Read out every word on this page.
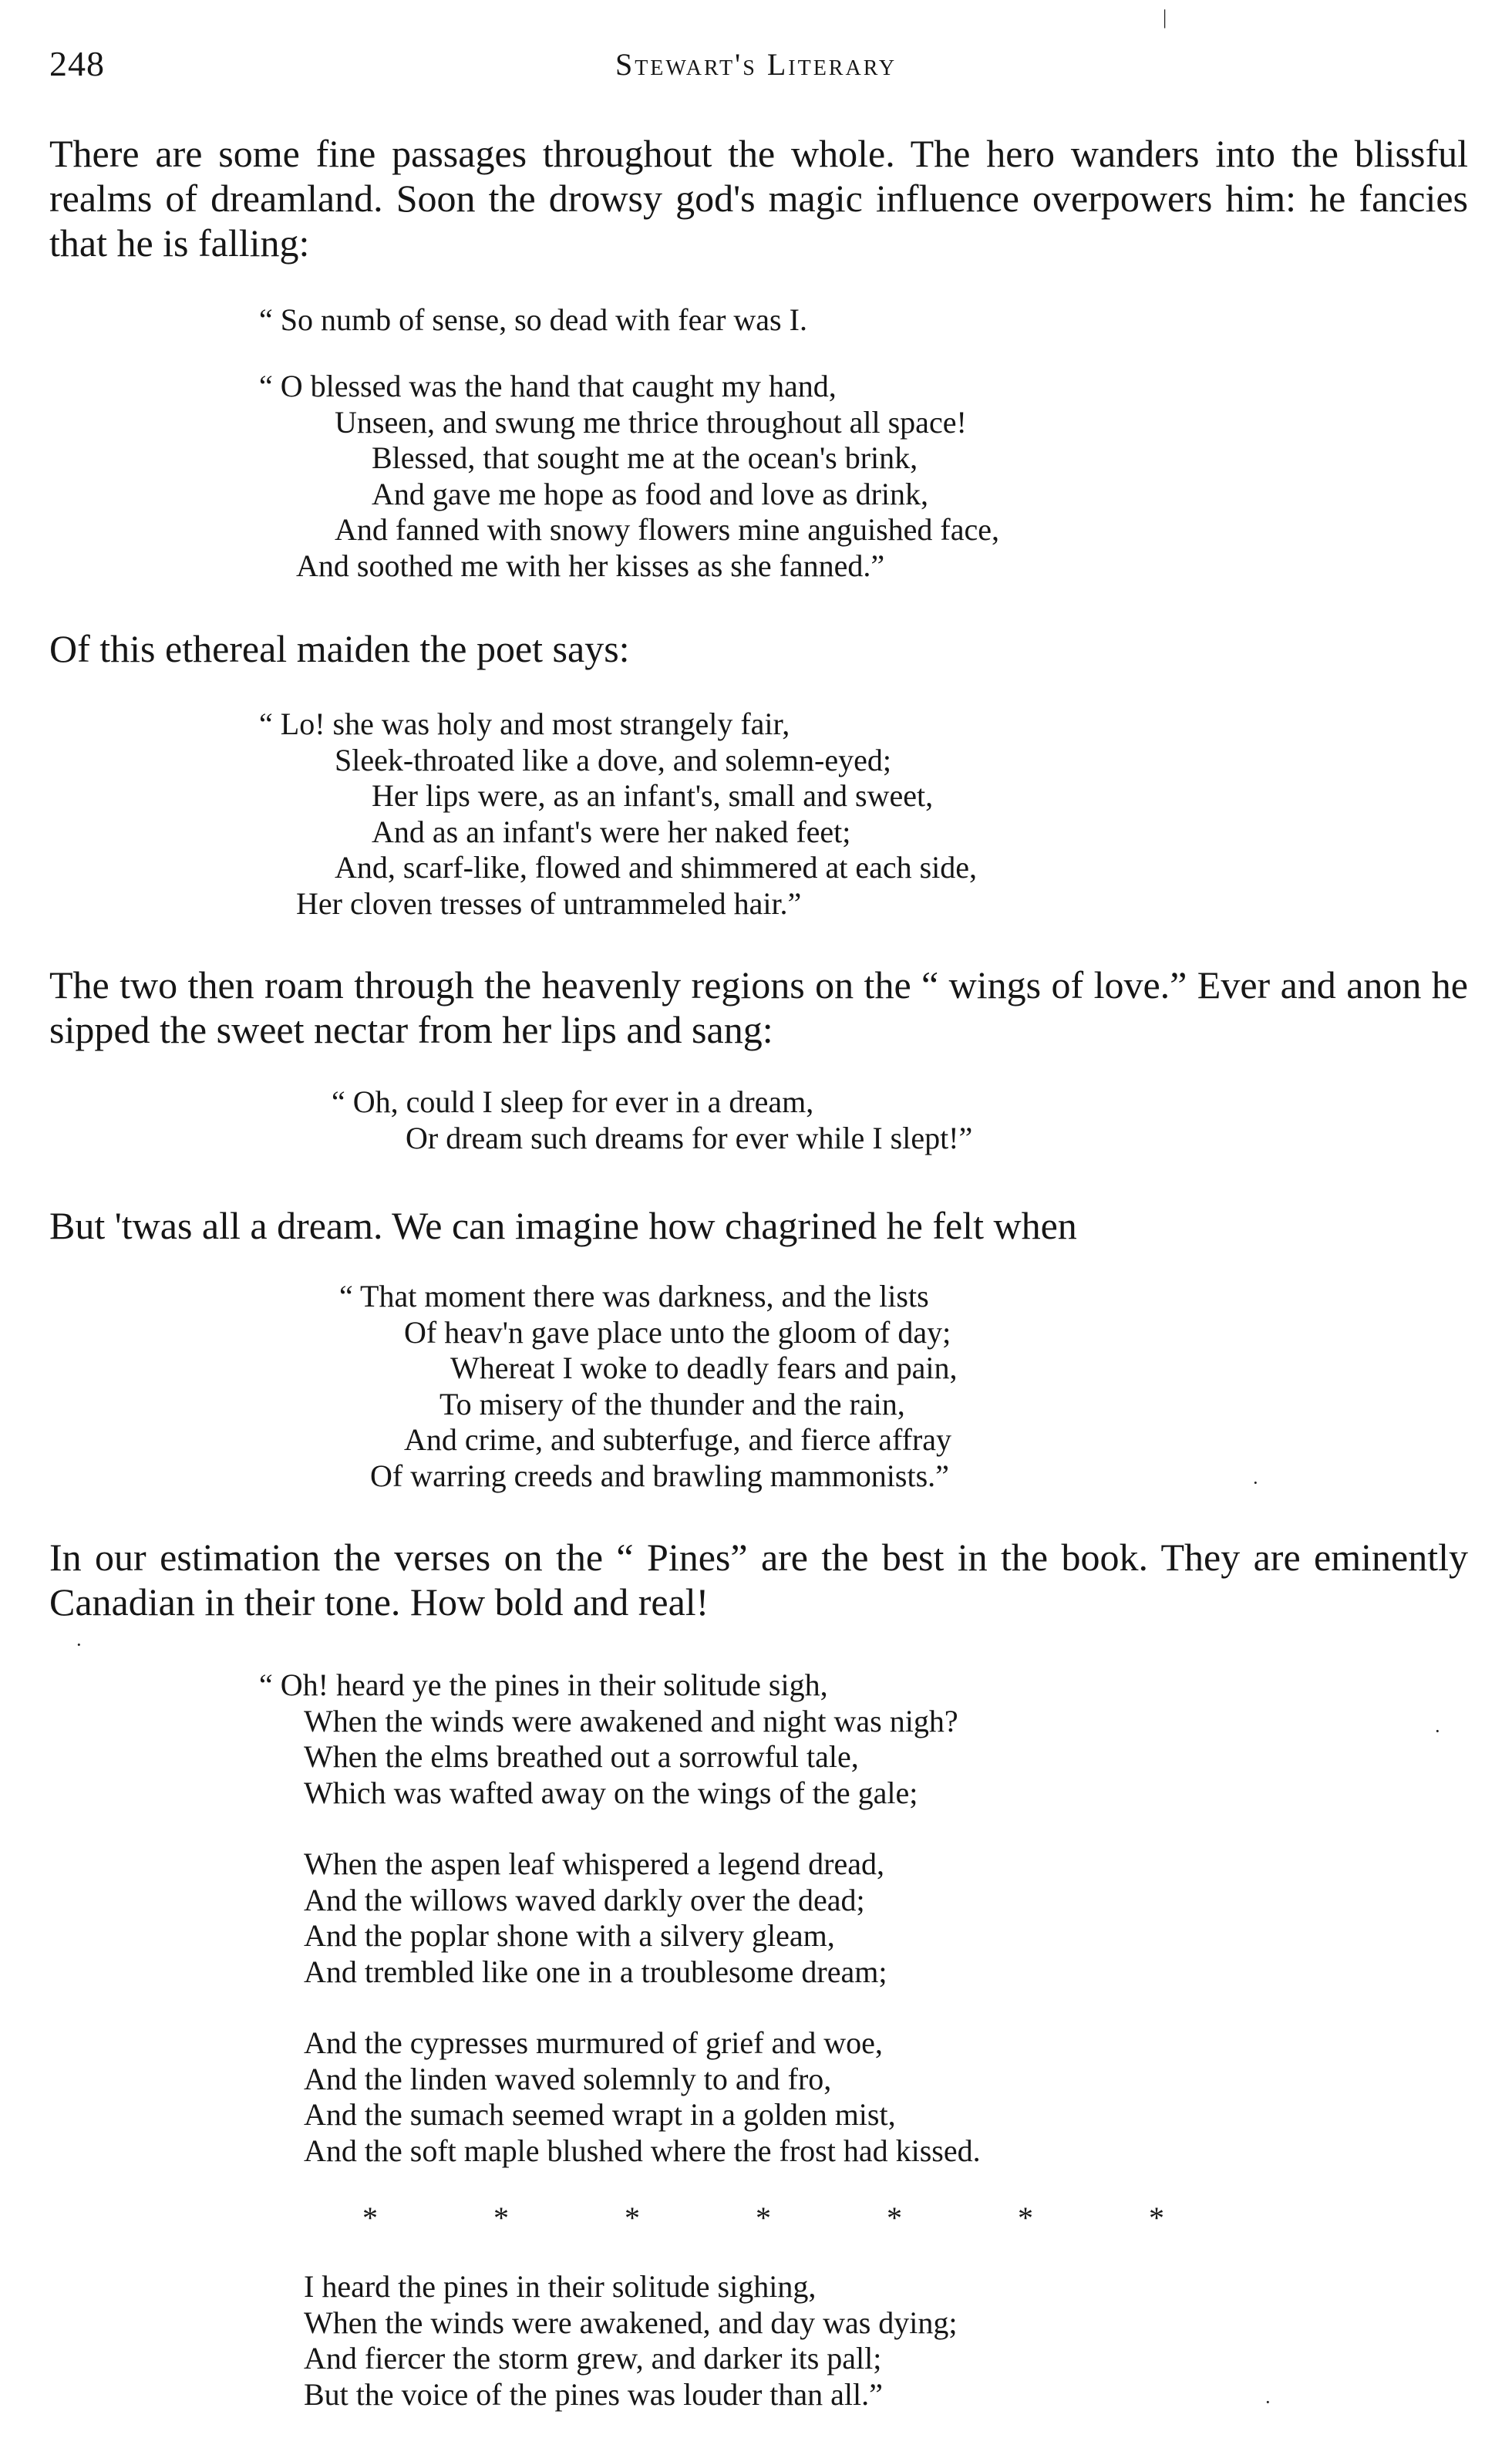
248	Stewart's Literary

There are some fine passages throughout the whole. The hero wanders into the blissful realms of dreamland. Soon the drowsy god's magic influence overpowers him: he fancies that he is falling:

“ So numb of sense, so dead with fear was I.
“ O blessed was the hand that caught my hand,
Unseen, and swung me thrice throughout all space!
Blessed, that sought me at the ocean's brink,
And gave me hope as food and love as drink,
And fanned with snowy flowers mine anguished face,
And soothed me with her kisses as she fanned.”

Of this ethereal maiden the poet says:

“ Lo! she was holy and most strangely fair,
Sleek-throated like a dove, and solemn-eyed;
Her lips were, as an infant's, small and sweet,
And as an infant's were her naked feet;
And, scarf-like, flowed and shimmered at each side,
Her cloven tresses of untrammeled hair.”

The two then roam through the heavenly regions on the “ wings of love.” Ever and anon he sipped the sweet nectar from her lips and sang:

“ Oh, could I sleep for ever in a dream,
Or dream such dreams for ever while I slept!”

But 'twas all a dream. We can imagine how chagrined he felt when

“ That moment there was darkness, and the lists
Of heav'n gave place unto the gloom of day;
Whereat I woke to deadly fears and pain,
To misery of the thunder and the rain,
And crime, and subterfuge, and fierce affray
Of warring creeds and brawling mammonists.”

In our estimation the verses on the “ Pines” are the best in the book. They are eminently Canadian in their tone. How bold and real!

“ Oh! heard ye the pines in their solitude sigh,
When the winds were awakened and night was nigh?
When the elms breathed out a sorrowful tale,
Which was wafted away on the wings of the gale;
When the aspen leaf whispered a legend dread,
And the willows waved darkly over the dead;
And the poplar shone with a silvery gleam,
And trembled like one in a troublesome dream;
And the cypresses murmured of grief and woe,
And the linden waved solemnly to and fro,
And the sumach seemed wrapt in a golden mist,
And the soft maple blushed where the frost had kissed.
*	*	*	*	*	*	*
I heard the pines in their solitude sighing,
When the winds were awakened, and day was dying;
And fiercer the storm grew, and darker its pall;
But the voice of the pines was louder than all.”
|
·
·
·
·
